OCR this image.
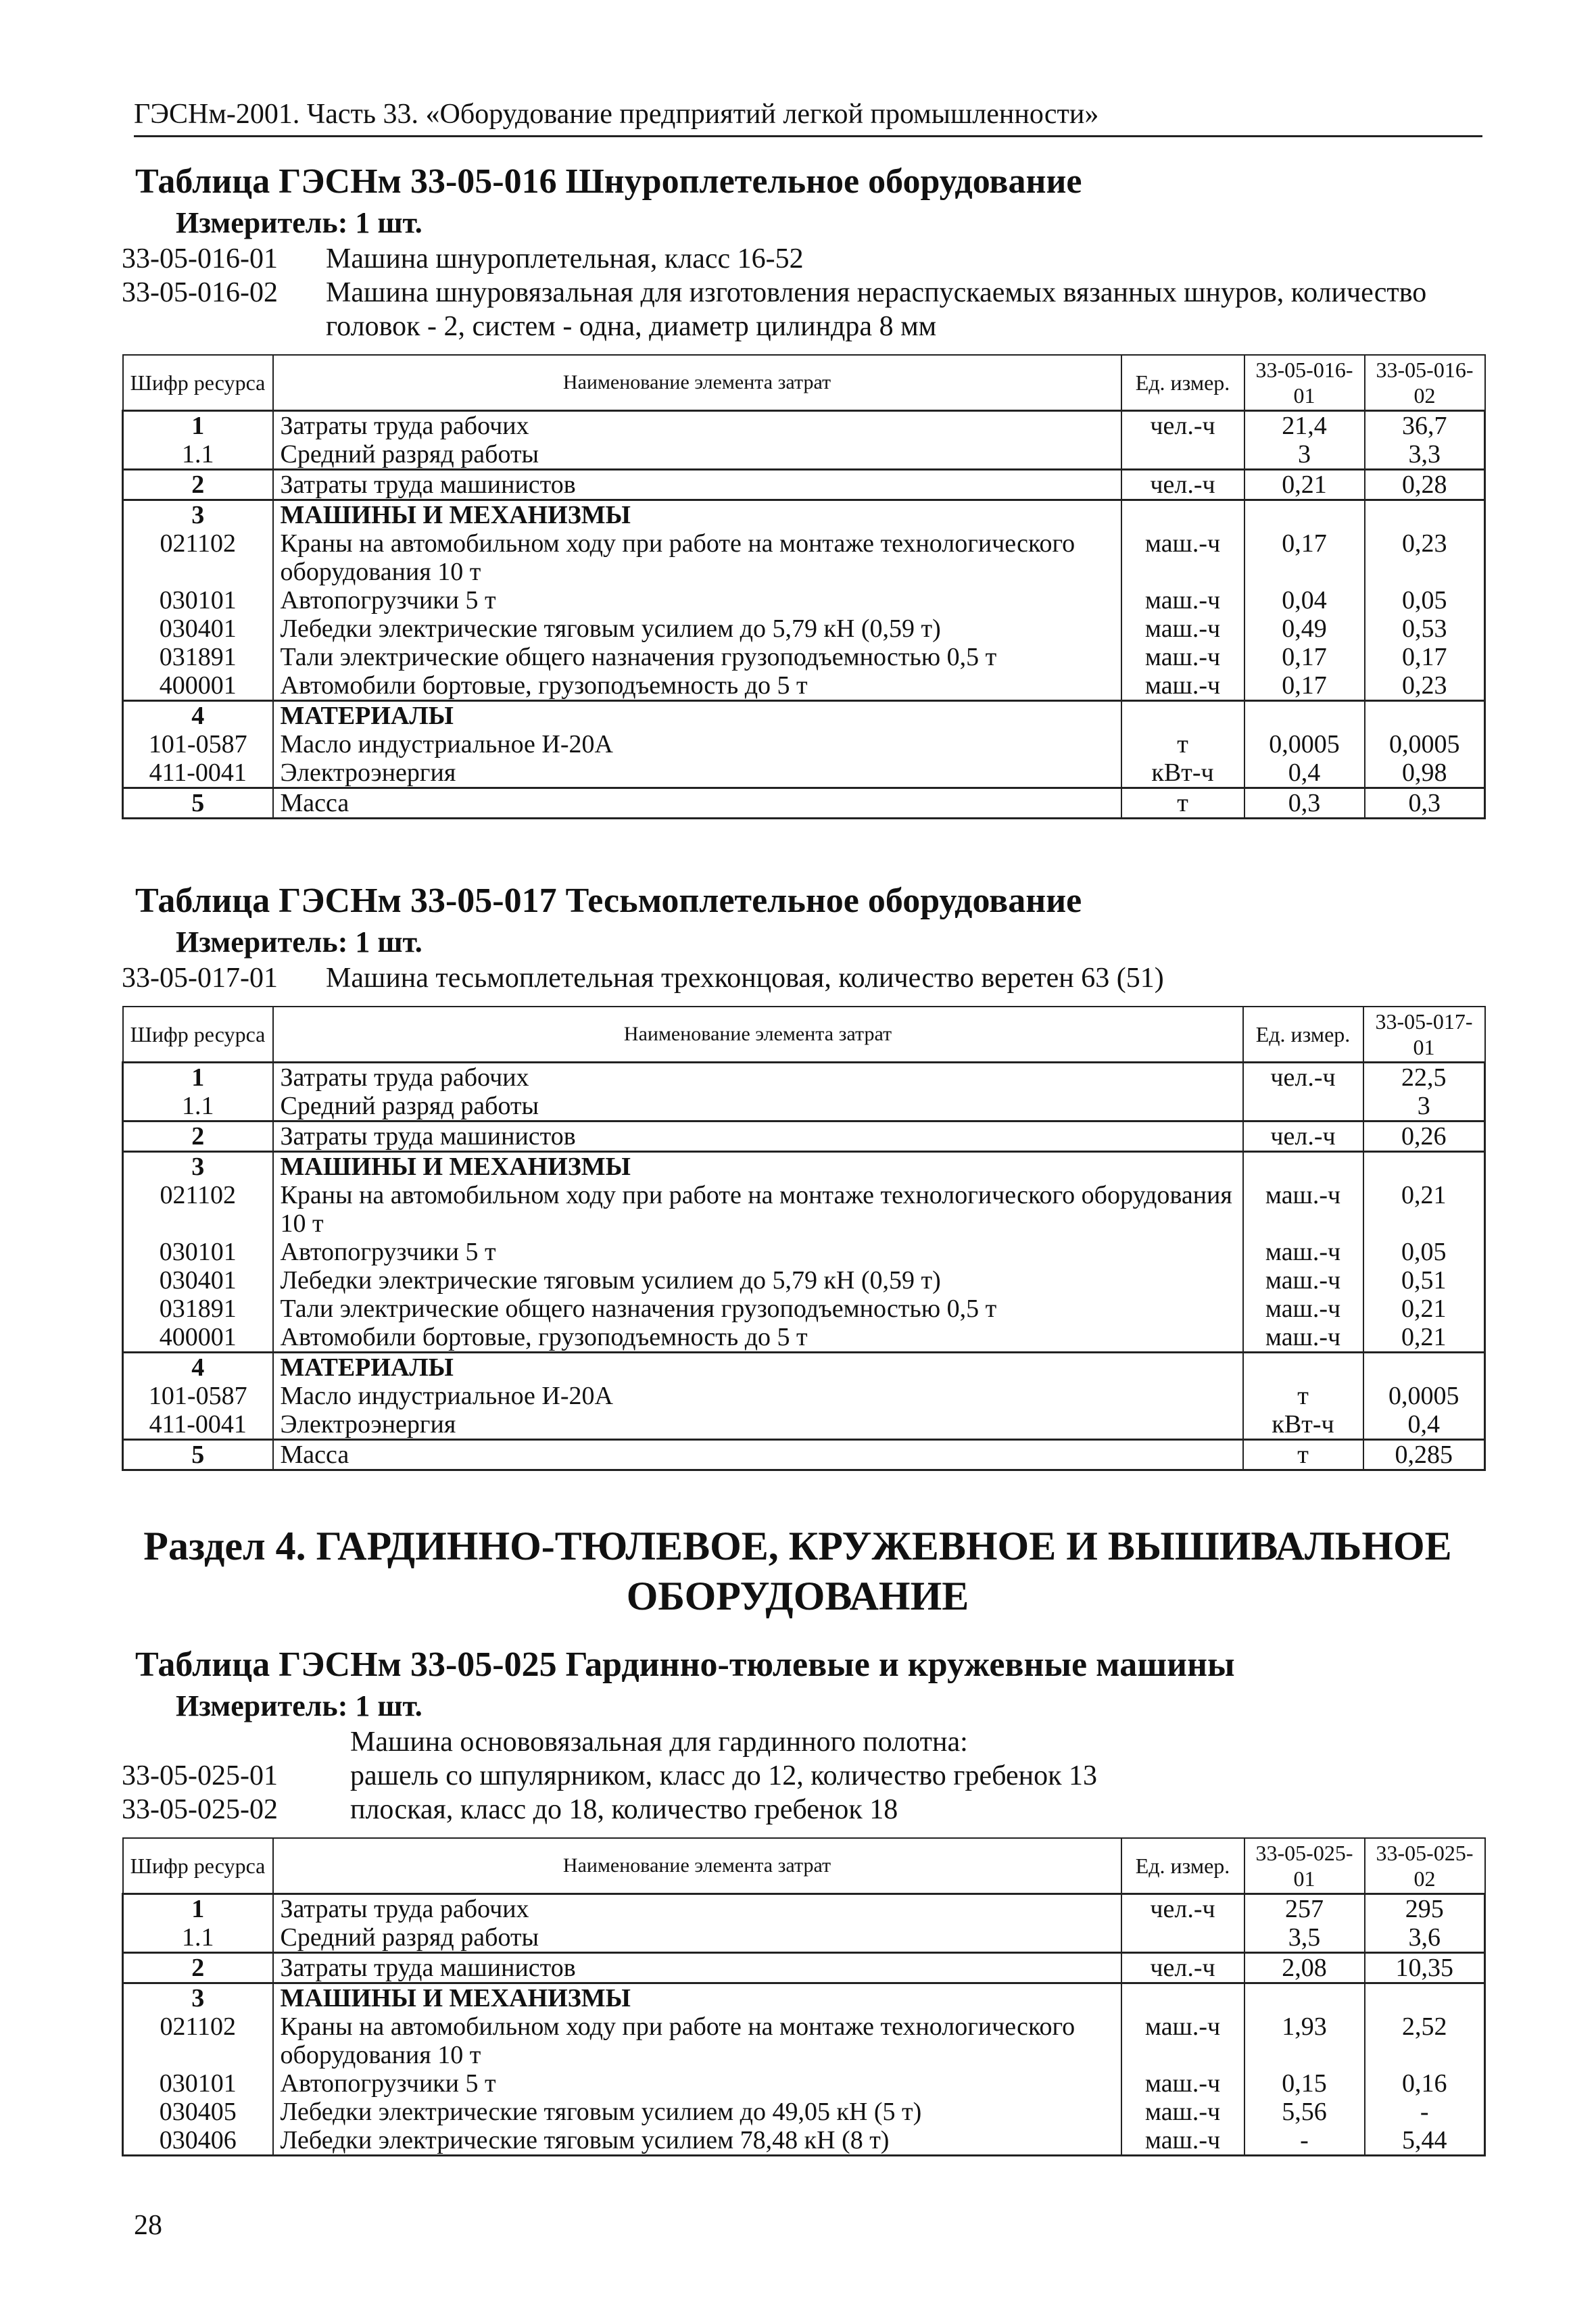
ГЭСНм-2001. Часть 33. «Оборудование предприятий легкой промышленности»
Таблица ГЭСНм 33-05-016 Шнуроплетельное оборудование
Измеритель: 1 шт.
33-05-016-01	Машина шнуроплетельная, класс 16-52
33-05-016-02	Машина шнуровязальная для изготовления нераспускаемых вязанных шнуров, количество
головок - 2, систем - одна, диаметр цилиндра 8 мм
Шифр ресурса	Наименование элемента затрат	Ед. измер.	33-05-016-01	33-05-016-02
1	Затраты труда рабочих	чел.-ч	21,4	36,7
1.1	Средний разряд работы		3	3,3
2	Затраты труда машинистов	чел.-ч	0,21	0,28
3	МАШИНЫ И МЕХАНИЗМЫ			
021102	Краны на автомобильном ходу при работе на монтаже технологического оборудования 10 т	маш.-ч	0,17	0,23
030101	Автопогрузчики 5 т	маш.-ч	0,04	0,05
030401	Лебедки электрические тяговым усилием до 5,79 кН (0,59 т)	маш.-ч	0,49	0,53
031891	Тали электрические общего назначения грузоподъемностью 0,5 т	маш.-ч	0,17	0,17
400001	Автомобили бортовые, грузоподъемность до 5 т	маш.-ч	0,17	0,23
4	МАТЕРИАЛЫ			
101-0587	Масло индустриальное И-20А	т	0,0005	0,0005
411-0041	Электроэнергия	кВт-ч	0,4	0,98
5	Масса	т	0,3	0,3
Таблица ГЭСНм 33-05-017 Тесьмоплетельное оборудование
Измеритель: 1 шт.
33-05-017-01	Машина тесьмоплетельная трехконцовая, количество веретен 63 (51)
Шифр ресурса	Наименование элемента затрат	Ед. измер.	33-05-017-01
1	Затраты труда рабочих	чел.-ч	22,5
1.1	Средний разряд работы		3
2	Затраты труда машинистов	чел.-ч	0,26
3	МАШИНЫ И МЕХАНИЗМЫ		
021102	Краны на автомобильном ходу при работе на монтаже технологического оборудования 10 т	маш.-ч	0,21
030101	Автопогрузчики 5 т	маш.-ч	0,05
030401	Лебедки электрические тяговым усилием до 5,79 кН (0,59 т)	маш.-ч	0,51
031891	Тали электрические общего назначения грузоподъемностью 0,5 т	маш.-ч	0,21
400001	Автомобили бортовые, грузоподъемность до 5 т	маш.-ч	0,21
4	МАТЕРИАЛЫ		
101-0587	Масло индустриальное И-20А	т	0,0005
411-0041	Электроэнергия	кВт-ч	0,4
5	Масса	т	0,285
Раздел 4. ГАРДИННО-ТЮЛЕВОЕ, КРУЖЕВНОЕ И ВЫШИВАЛЬНОЕ
ОБОРУДОВАНИЕ
Таблица ГЭСНм 33-05-025 Гардинно-тюлевые и кружевные машины
Измеритель: 1 шт.
Машина основовязальная для гардинного полотна:
33-05-025-01	рашель со шпулярником, класс до 12, количество гребенок 13
33-05-025-02	плоская, класс до 18, количество гребенок 18
Шифр ресурса	Наименование элемента затрат	Ед. измер.	33-05-025-01	33-05-025-02
1	Затраты труда рабочих	чел.-ч	257	295
1.1	Средний разряд работы		3,5	3,6
2	Затраты труда машинистов	чел.-ч	2,08	10,35
3	МАШИНЫ И МЕХАНИЗМЫ			
021102	Краны на автомобильном ходу при работе на монтаже технологического оборудования 10 т	маш.-ч	1,93	2,52
030101	Автопогрузчики 5 т	маш.-ч	0,15	0,16
030405	Лебедки электрические тяговым усилием до 49,05 кН (5 т)	маш.-ч	5,56	-
030406	Лебедки электрические тяговым усилием 78,48 кН (8 т)	маш.-ч	-	5,44
28
